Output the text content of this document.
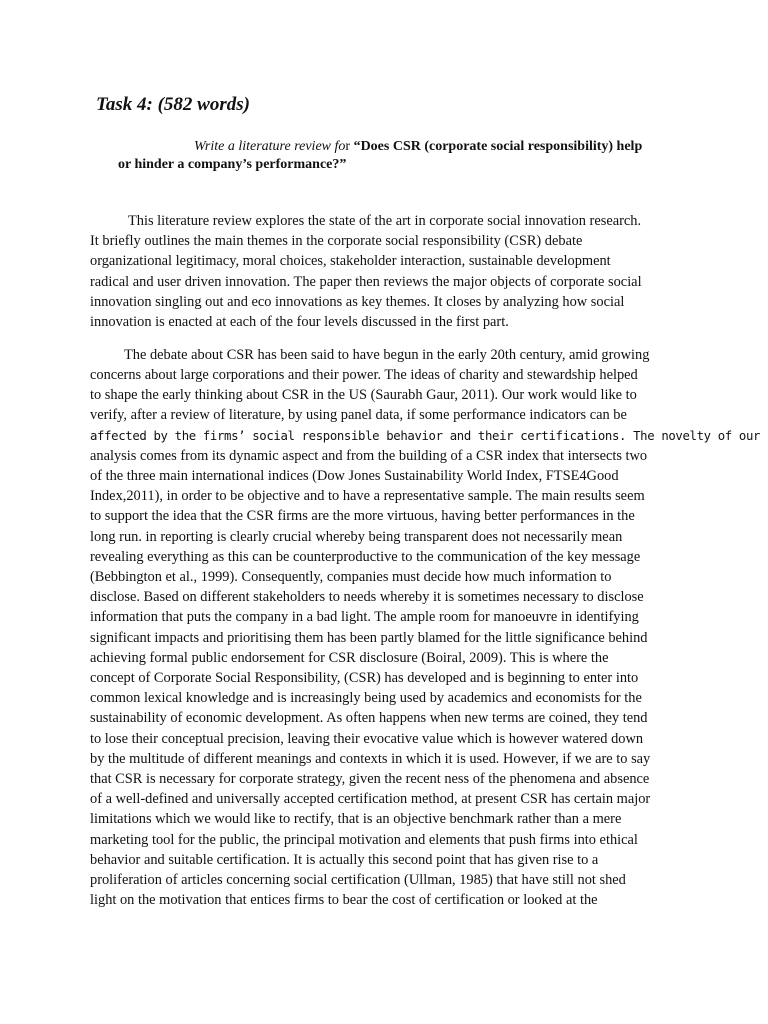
Task 4: (582 words)
Write a literature review for “Does CSR (corporate social responsibility) help
or hinder a company’s performance?”

This literature review explores the state of the art in corporate social innovation research.
It briefly outlines the main themes in the corporate social responsibility (CSR) debate
organizational legitimacy, moral choices, stakeholder interaction, sustainable development
radical and user driven innovation. The paper then reviews the major objects of corporate social
innovation singling out and eco innovations as key themes. It closes by analyzing how social
innovation is enacted at each of the four levels discussed in the first part.

The debate about CSR has been said to have begun in the early 20th century, amid growing
concerns about large corporations and their power. The ideas of charity and stewardship helped
to shape the early thinking about CSR in the US (Saurabh Gaur, 2011). Our work would like to
verify, after a review of literature, by using panel data, if some performance indicators can be
affected by the firms’ social responsible behavior and their certifications. The novelty of our
analysis comes from its dynamic aspect and from the building of a CSR index that intersects two
of the three main international indices (Dow Jones Sustainability World Index, FTSE4Good
Index,2011), in order to be objective and to have a representative sample. The main results seem
to support the idea that the CSR firms are the more virtuous, having better performances in the
long run. in reporting is clearly crucial whereby being transparent does not necessarily mean
revealing everything as this can be counterproductive to the communication of the key message
(Bebbington et al., 1999). Consequently, companies must decide how much information to
disclose. Based on different stakeholders to needs whereby it is sometimes necessary to disclose
information that puts the company in a bad light. The ample room for manoeuvre in identifying
significant impacts and prioritising them has been partly blamed for the little significance behind
achieving formal public endorsement for CSR disclosure (Boiral, 2009). This is where the
concept of Corporate Social Responsibility, (CSR) has developed and is beginning to enter into
common lexical knowledge and is increasingly being used by academics and economists for the
sustainability of economic development. As often happens when new terms are coined, they tend
to lose their conceptual precision, leaving their evocative value which is however watered down
by the multitude of different meanings and contexts in which it is used. However, if we are to say
that CSR is necessary for corporate strategy, given the recent ness of the phenomena and absence
of a well-defined and universally accepted certification method, at present CSR has certain major
limitations which we would like to rectify, that is an objective benchmark rather than a mere
marketing tool for the public, the principal motivation and elements that push firms into ethical
behavior and suitable certification. It is actually this second point that has given rise to a
proliferation of articles concerning social certification (Ullman, 1985) that have still not shed
light on the motivation that entices firms to bear the cost of certification or looked at the
